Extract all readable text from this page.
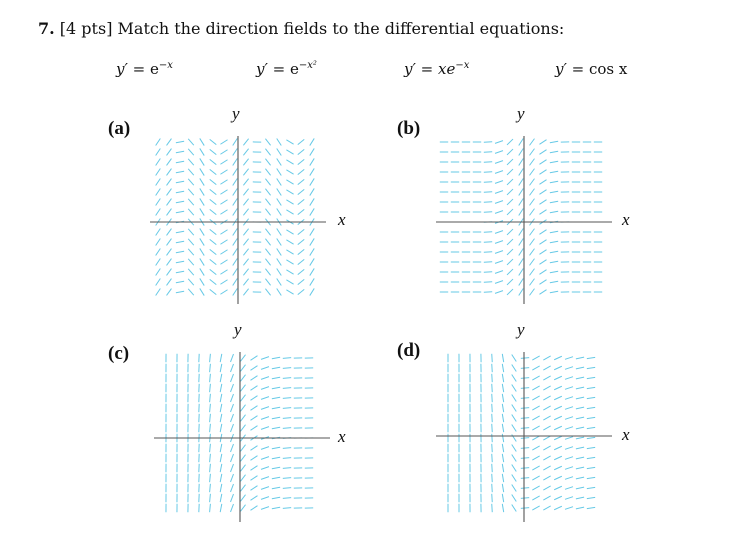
7. [4 pts] Match the direction fields to the differential equations:
$y' = e^{-x}$	$y' = e^{-x^2}$	$y' = xe^{-x}$	y′ = cos x
(a)
y
x
(b)
y
x
(c)
y
x
(d)
y
x
